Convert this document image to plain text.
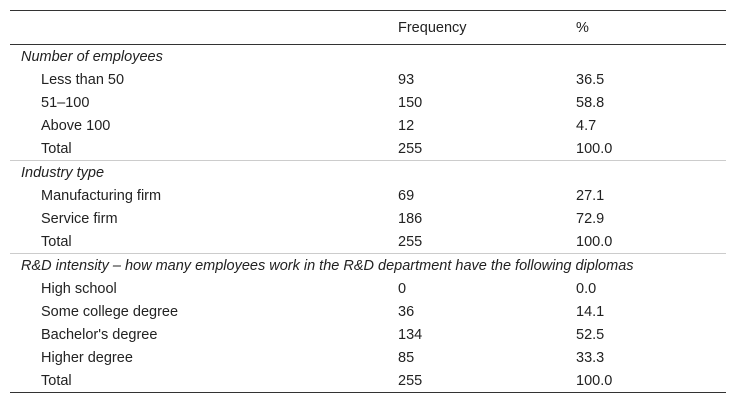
	Frequency	%
Number of employees		
Less than 50	93	36.5
51–100	150	58.8
Above 100	12	4.7
Total	255	100.0
Industry type		
Manufacturing firm	69	27.1
Service firm	186	72.9
Total	255	100.0
R&D intensity – how many employees work in the R&D department have the following diplomas		
High school	0	0.0
Some college degree	36	14.1
Bachelor's degree	134	52.5
Higher degree	85	33.3
Total	255	100.0
